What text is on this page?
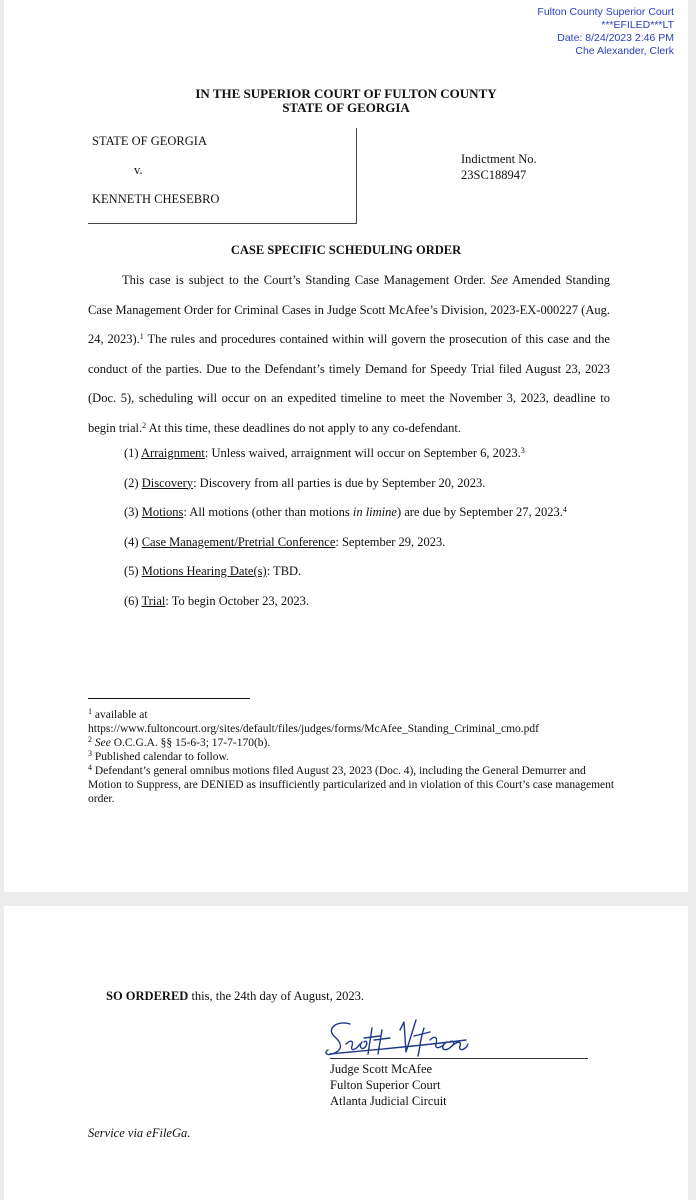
Fulton County Superior Court
***EFILED***LT
Date: 8/24/2023 2:46 PM
Che Alexander, Clerk
IN THE SUPERIOR COURT OF FULTON COUNTY
STATE OF GEORGIA
STATE OF GEORGIA
v.
KENNETH CHESEBRO
Indictment No.
23SC188947
CASE SPECIFIC SCHEDULING ORDER

This case is subject to the Court’s Standing Case Management Order. See Amended Standing Case Management Order for Criminal Cases in Judge Scott McAfee’s Division, 2023-EX-000227 (Aug. 24, 2023).$^1$ The rules and procedures contained within will govern the prosecution of this case and the conduct of the parties. Due to the Defendant’s timely Demand for Speedy Trial filed August 23, 2023 (Doc. 5), scheduling will occur on an expedited timeline to meet the November 3, 2023, deadline to begin trial.$^2$ At this time, these deadlines do not apply to any co-defendant.

(1) Arraignment: Unless waived, arraignment will occur on September 6, 2023.$^3$
(2) Discovery: Discovery from all parties is due by September 20, 2023.
(3) Motions: All motions (other than motions in limine) are due by September 27, 2023.$^4$
(4) Case Management/Pretrial Conference: September 29, 2023.
(5) Motions Hearing Date(s): TBD.
(6) Trial: To begin October 23, 2023.
$^1$ available at
https://www.fultoncourt.org/sites/default/files/judges/forms/McAfee_Standing_Criminal_cmo.pdf
$^2$ See O.C.G.A. §§ 15-6-3; 17-7-170(b).
$^3$ Published calendar to follow.
$^4$ Defendant’s general omnibus motions filed August 23, 2023 (Doc. 4), including the General Demurrer and Motion to Suppress, are DENIED as insufficiently particularized and in violation of this Court’s case management order.
SO ORDERED this, the 24th day of August, 2023.
Judge Scott McAfee
Fulton Superior Court
Atlanta Judicial Circuit
Service via eFileGa.
